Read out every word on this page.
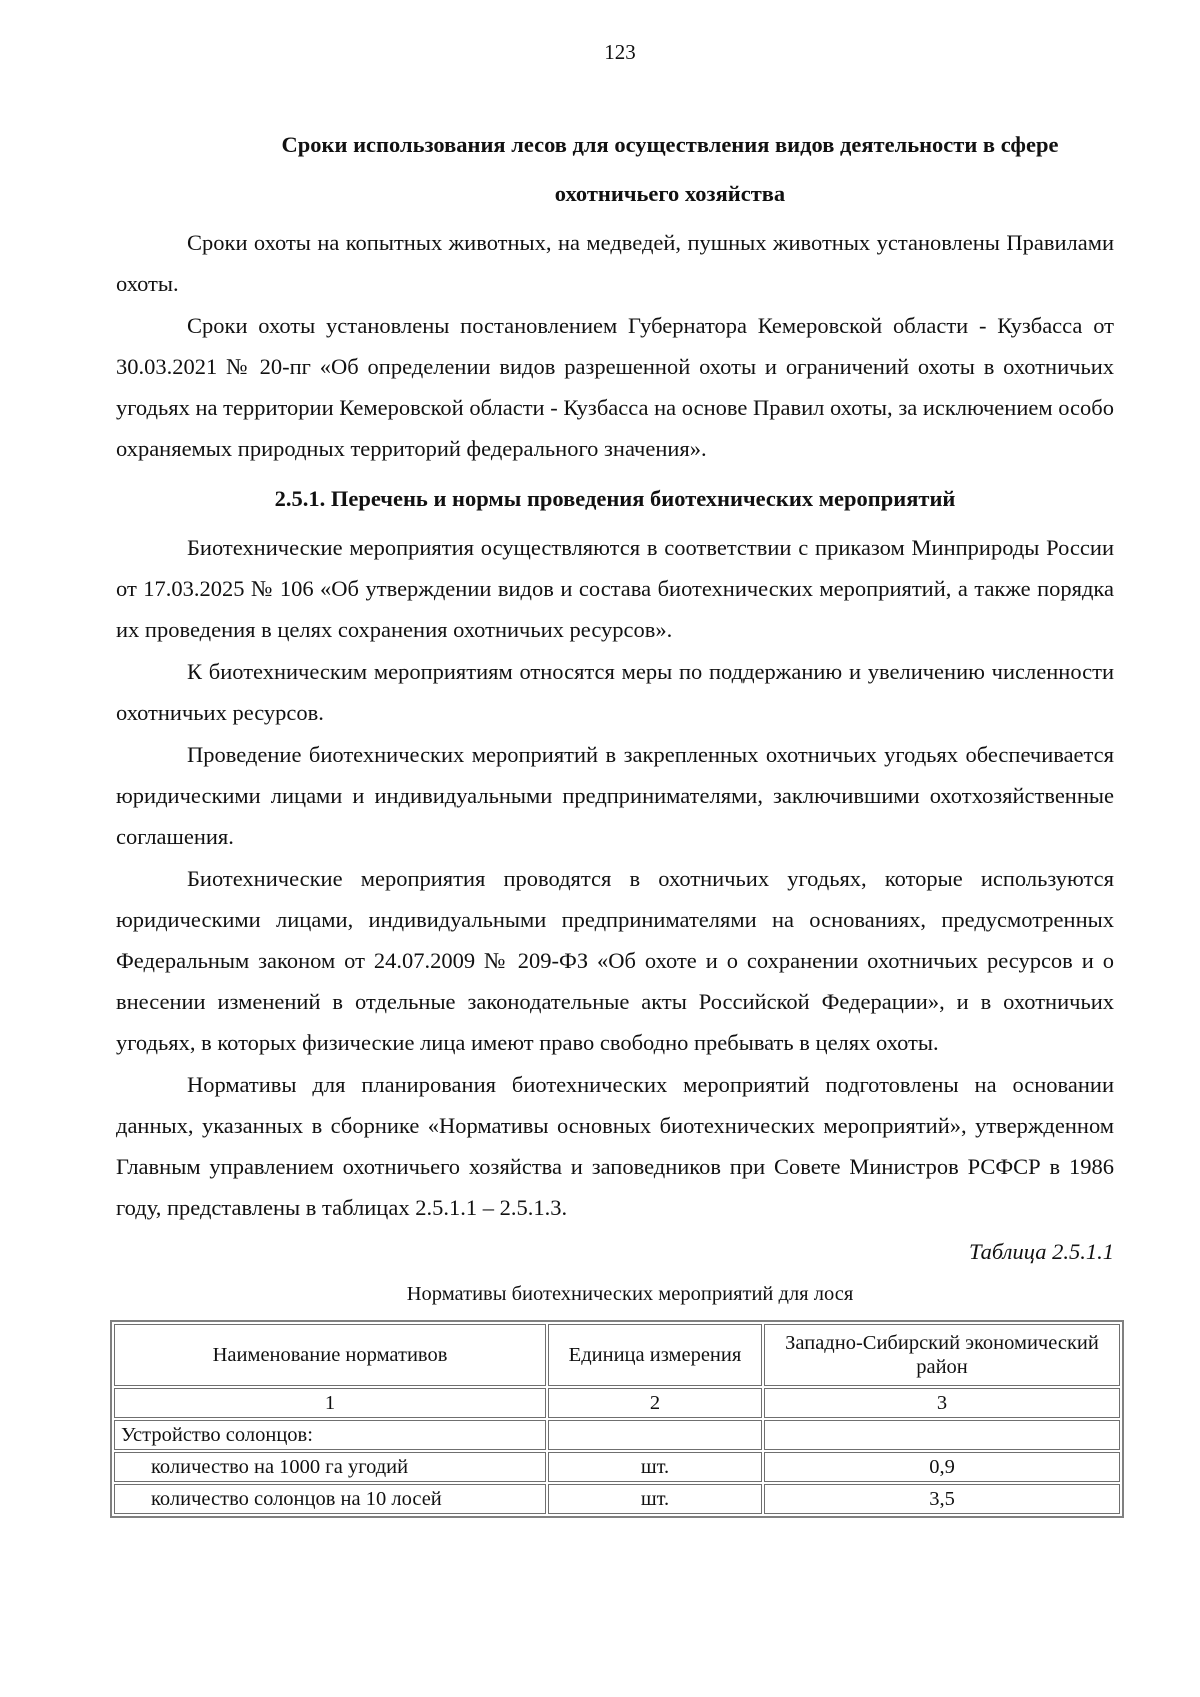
123
Сроки использования лесов для осуществления видов деятельности в сфере
охотничьего хозяйства

Сроки охоты на копытных животных, на медведей, пушных животных установлены Правилами охоты.

Сроки охоты установлены постановлением Губернатора Кемеровской области - Кузбасса от 30.03.2021 № 20-пг «Об определении видов разрешенной охоты и ограничений охоты в охотничьих угодьях на территории Кемеровской области - Кузбасса на основе Правил охоты, за исключением особо охраняемых природных территорий федерального значения».

2.5.1. Перечень и нормы проведения биотехнических мероприятий

Биотехнические мероприятия осуществляются в соответствии с приказом Минприроды России от 17.03.2025 № 106 «Об утверждении видов и состава биотехнических мероприятий, а также порядка их проведения в целях сохранения охотничьих ресурсов».

К биотехническим мероприятиям относятся меры по поддержанию и увеличению численности охотничьих ресурсов.

Проведение биотехнических мероприятий в закрепленных охотничьих угодьях обеспечивается юридическими лицами и индивидуальными предпринимателями, заключившими охотхозяйственные соглашения.

Биотехнические мероприятия проводятся в охотничьих угодьях, которые используются юридическими лицами, индивидуальными предпринимателями на основаниях, предусмотренных Федеральным законом от 24.07.2009 № 209-ФЗ «Об охоте и о сохранении охотничьих ресурсов и о внесении изменений в отдельные законодательные акты Российской Федерации», и в охотничьих угодьях, в которых физические лица имеют право свободно пребывать в целях охоты.

Нормативы для планирования биотехнических мероприятий подготовлены на основании данных, указанных в сборнике «Нормативы основных биотехнических мероприятий», утвержденном Главным управлением охотничьего хозяйства и заповедников при Совете Министров РСФСР в 1986 году, представлены в таблицах 2.5.1.1 – 2.5.1.3.

Таблица 2.5.1.1
Нормативы биотехнических мероприятий для лося
Наименование нормативов	Единица измерения	Западно-Сибирский экономический район
1	2	3
Устройство солонцов:		
количество на 1000 га угодий	шт.	0,9
количество солонцов на 10 лосей	шт.	3,5
